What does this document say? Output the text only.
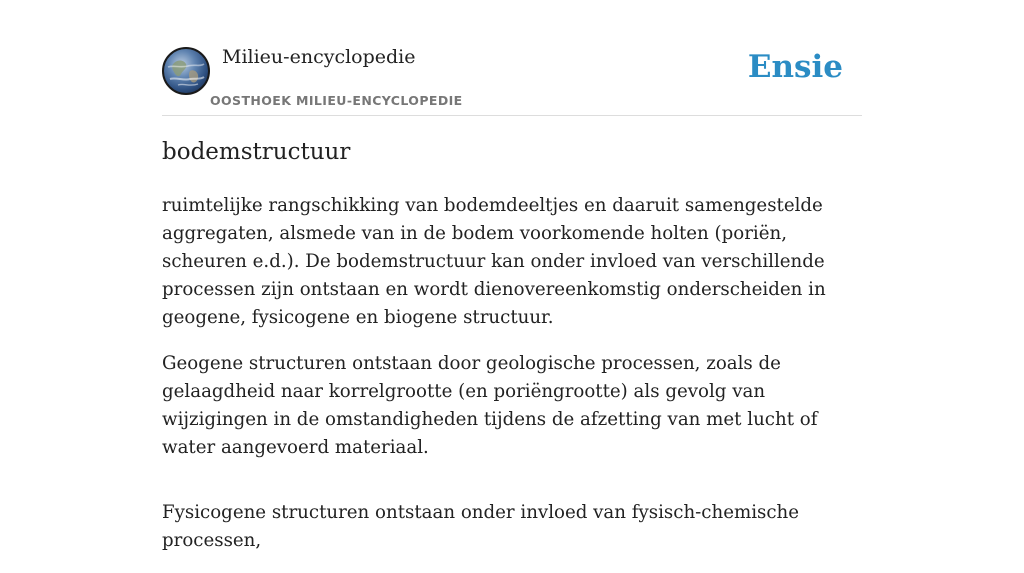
Milieu-encyclopedie
OOSTHOEK MILIEU-ENCYCLOPEDIE
Ensie
bodemstructuur

ruimtelijke rangschikking van bodemdeeltjes en daaruit samengestelde aggregaten, alsmede van in de bodem voorkomende holten (poriën, scheuren e.d.). De bodemstructuur kan onder invloed van verschillende processen zijn ontstaan en wordt dienovereenkomstig onderscheiden in geogene, fysicogene en biogene structuur.

Geogene structuren ontstaan door geologische processen, zoals de gelaagdheid naar korrelgrootte (en poriëngrootte) als gevolg van wijzigingen in de omstandigheden tijdens de afzetting van met lucht of water aangevoerd materiaal.

Fysicogene structuren ontstaan onder invloed van fysisch-chemische processen,
